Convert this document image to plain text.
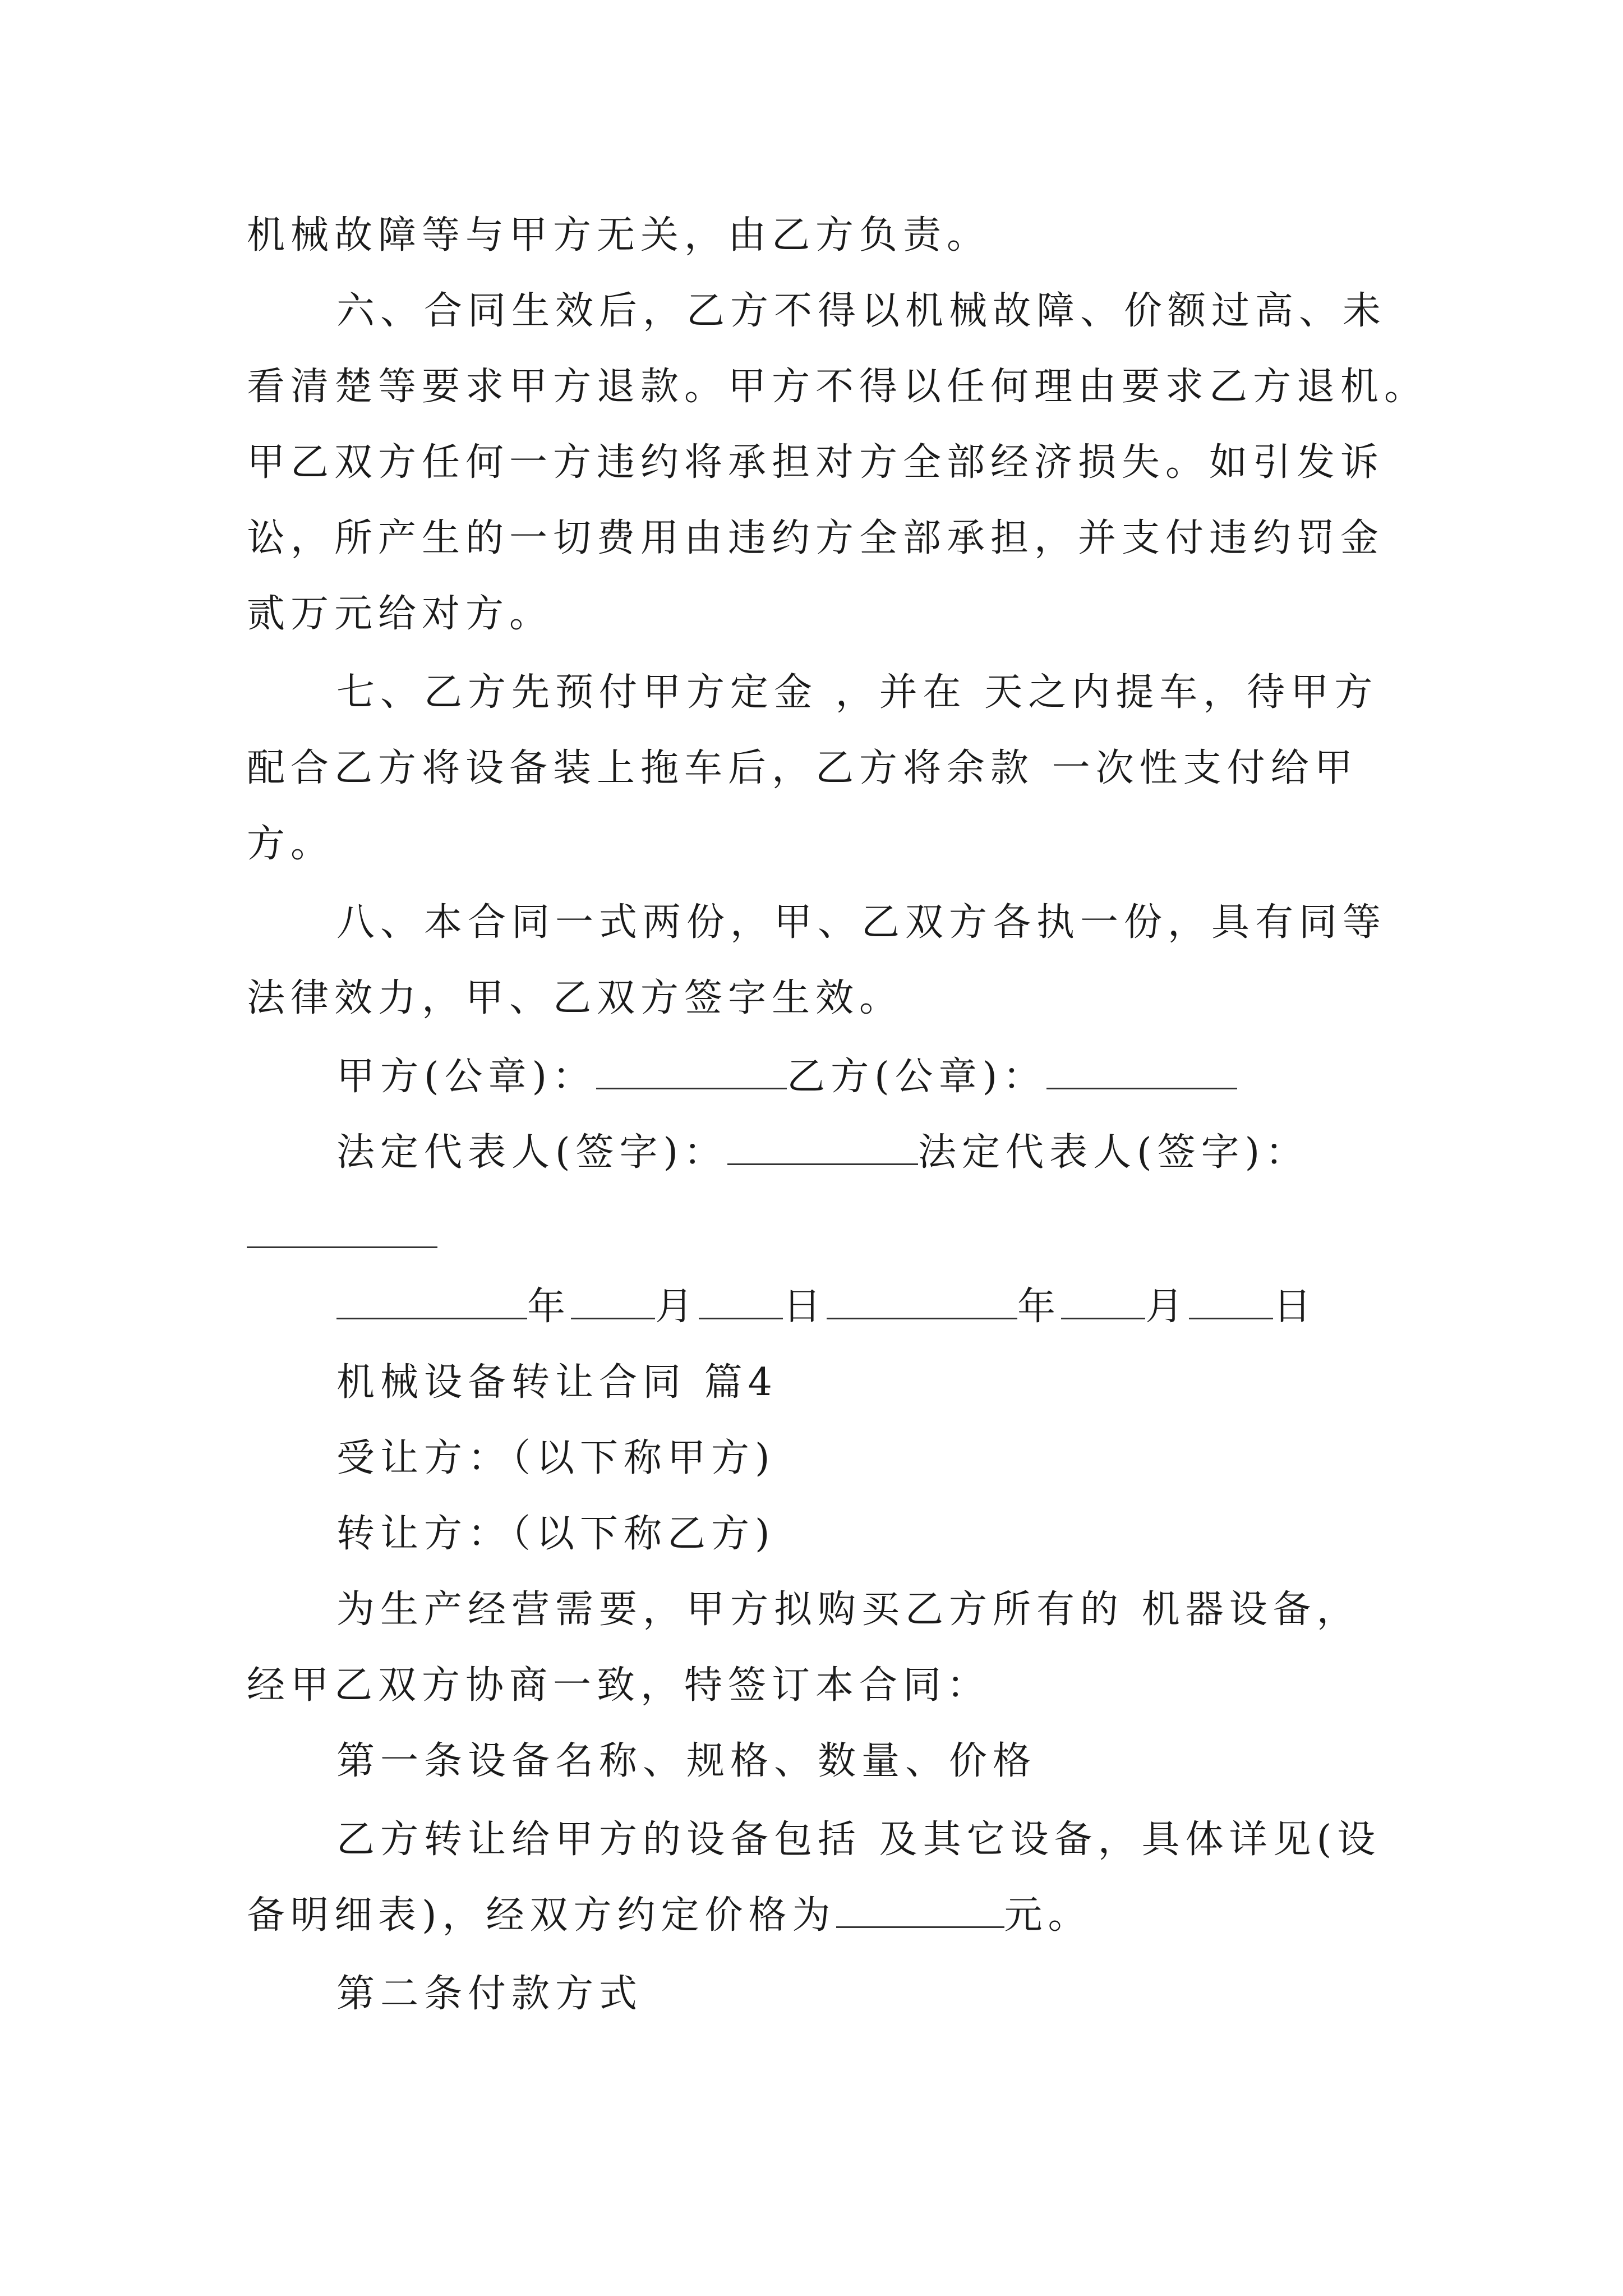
机械故障等与甲方无关，由乙方负责。
六、合同生效后，乙方不得以机械故障、价额过高、未
看清楚等要求甲方退款。甲方不得以任何理由要求乙方退机。
甲乙双方任何一方违约将承担对方全部经济损失。如引发诉
讼，所产生的一切费用由违约方全部承担，并支付违约罚金
贰万元给对方。
七、乙方先预付甲方定金 ，并在 天之内提车，待甲方
配合乙方将设备装上拖车后，乙方将余款 一次性支付给甲
方。
八、本合同一式两份，甲、乙双方各执一份，具有同等
法律效力，甲、乙双方签字生效。
甲方(公章)：	乙方(公章)：
法定代表人(签字)：	法定代表人(签字)：
年 月 日	年 月 日
机械设备转让合同 篇4
受让方：（以下称甲方)
转让方：（以下称乙方)
为生产经营需要，甲方拟购买乙方所有的 机器设备，
经甲乙双方协商一致，特签订本合同：
第一条设备名称、规格、数量、价格
乙方转让给甲方的设备包括 及其它设备，具体详见(设
备明细表)，经双方约定价格为	元。
第二条付款方式
